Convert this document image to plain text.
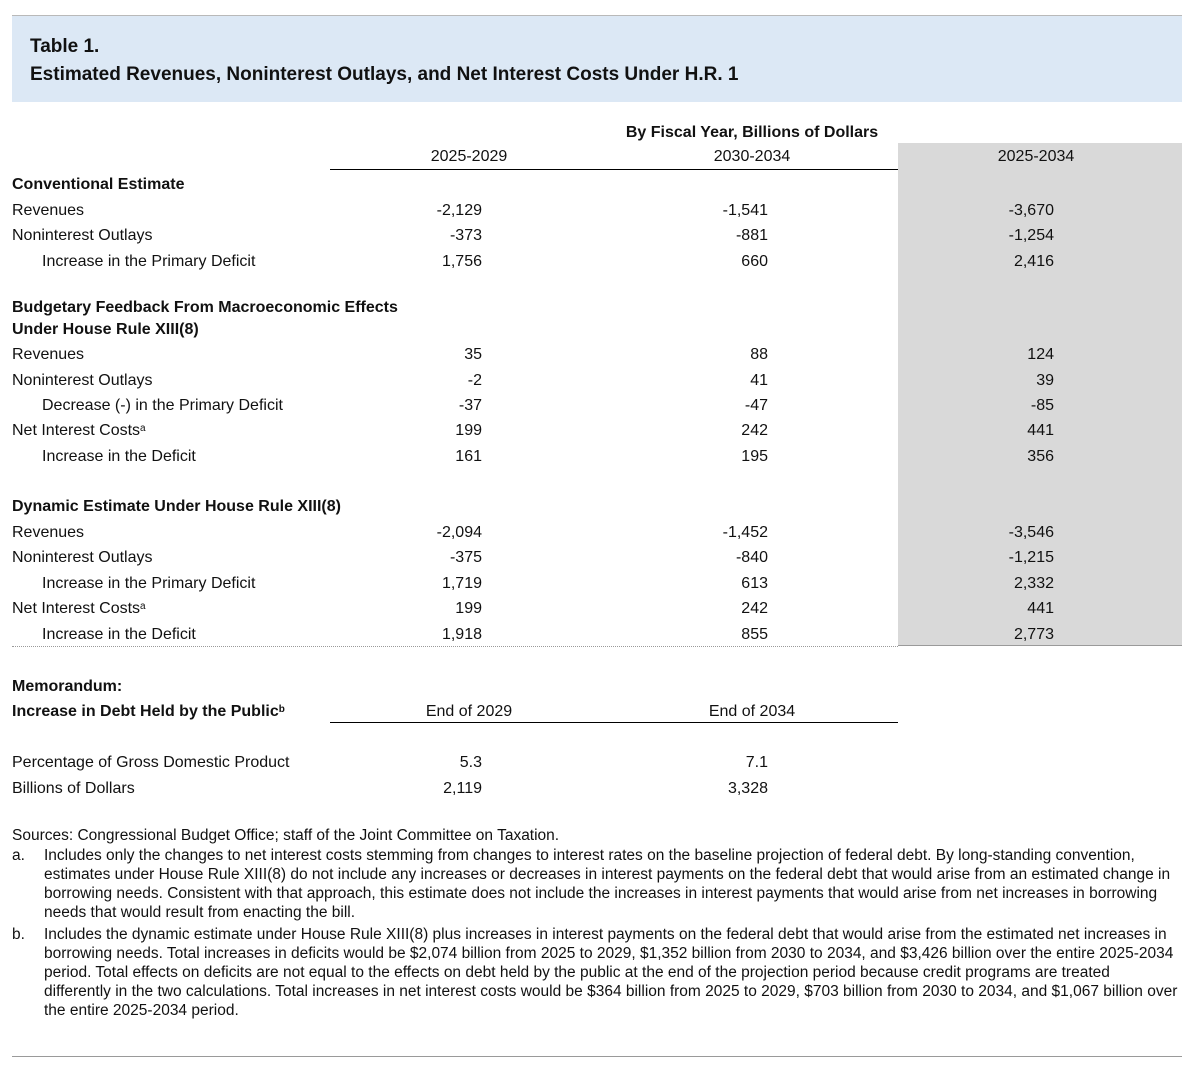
Table 1.
Estimated Revenues, Noninterest Outlays, and Net Interest Costs Under H.R. 1
By Fiscal Year, Billions of Dollars
2025-2029	2030-2034	2025-2034
Conventional Estimate
Revenues	-2,129	-1,541	-3,670
Noninterest Outlays	-373	-881	-1,254
Increase in the Primary Deficit	1,756	660	2,416
Budgetary Feedback From Macroeconomic Effects
Under House Rule XIII(8)
Revenues	35	88	124
Noninterest Outlays	-2	41	39
Decrease (-) in the Primary Deficit	-37	-47	-85
Net Interest Costs$^a$	199	242	441
Increase in the Deficit	161	195	356
Dynamic Estimate Under House Rule XIII(8)
Revenues	-2,094	-1,452	-3,546
Noninterest Outlays	-375	-840	-1,215
Increase in the Primary Deficit	1,719	613	2,332
Net Interest Costs$^a$	199	242	441
Increase in the Deficit	1,918	855	2,773
Memorandum:
Increase in Debt Held by the Public$^b$	End of 2029	End of 2034
Percentage of Gross Domestic Product	5.3	7.1
Billions of Dollars	2,119	3,328

Sources: Congressional Budget Office; staff of the Joint Committee on Taxation.

a. Includes only the changes to net interest costs stemming from changes to interest rates on the baseline projection of federal debt. By long-standing convention, estimates under House Rule XIII(8) do not include any increases or decreases in interest payments on the federal debt that would arise from an estimated change in borrowing needs. Consistent with that approach, this estimate does not include the increases in interest payments that would arise from net increases in borrowing needs that would result from enacting the bill.

b. Includes the dynamic estimate under House Rule XIII(8) plus increases in interest payments on the federal debt that would arise from the estimated net increases in borrowing needs. Total increases in deficits would be $2,074 billion from 2025 to 2029, $1,352 billion from 2030 to 2034, and $3,426 billion over the entire 2025-2034 period. Total effects on deficits are not equal to the effects on debt held by the public at the end of the projection period because credit programs are treated differently in the two calculations. Total increases in net interest costs would be $364 billion from 2025 to 2029, $703 billion from 2030 to 2034, and $1,067 billion over the entire 2025-2034 period.
